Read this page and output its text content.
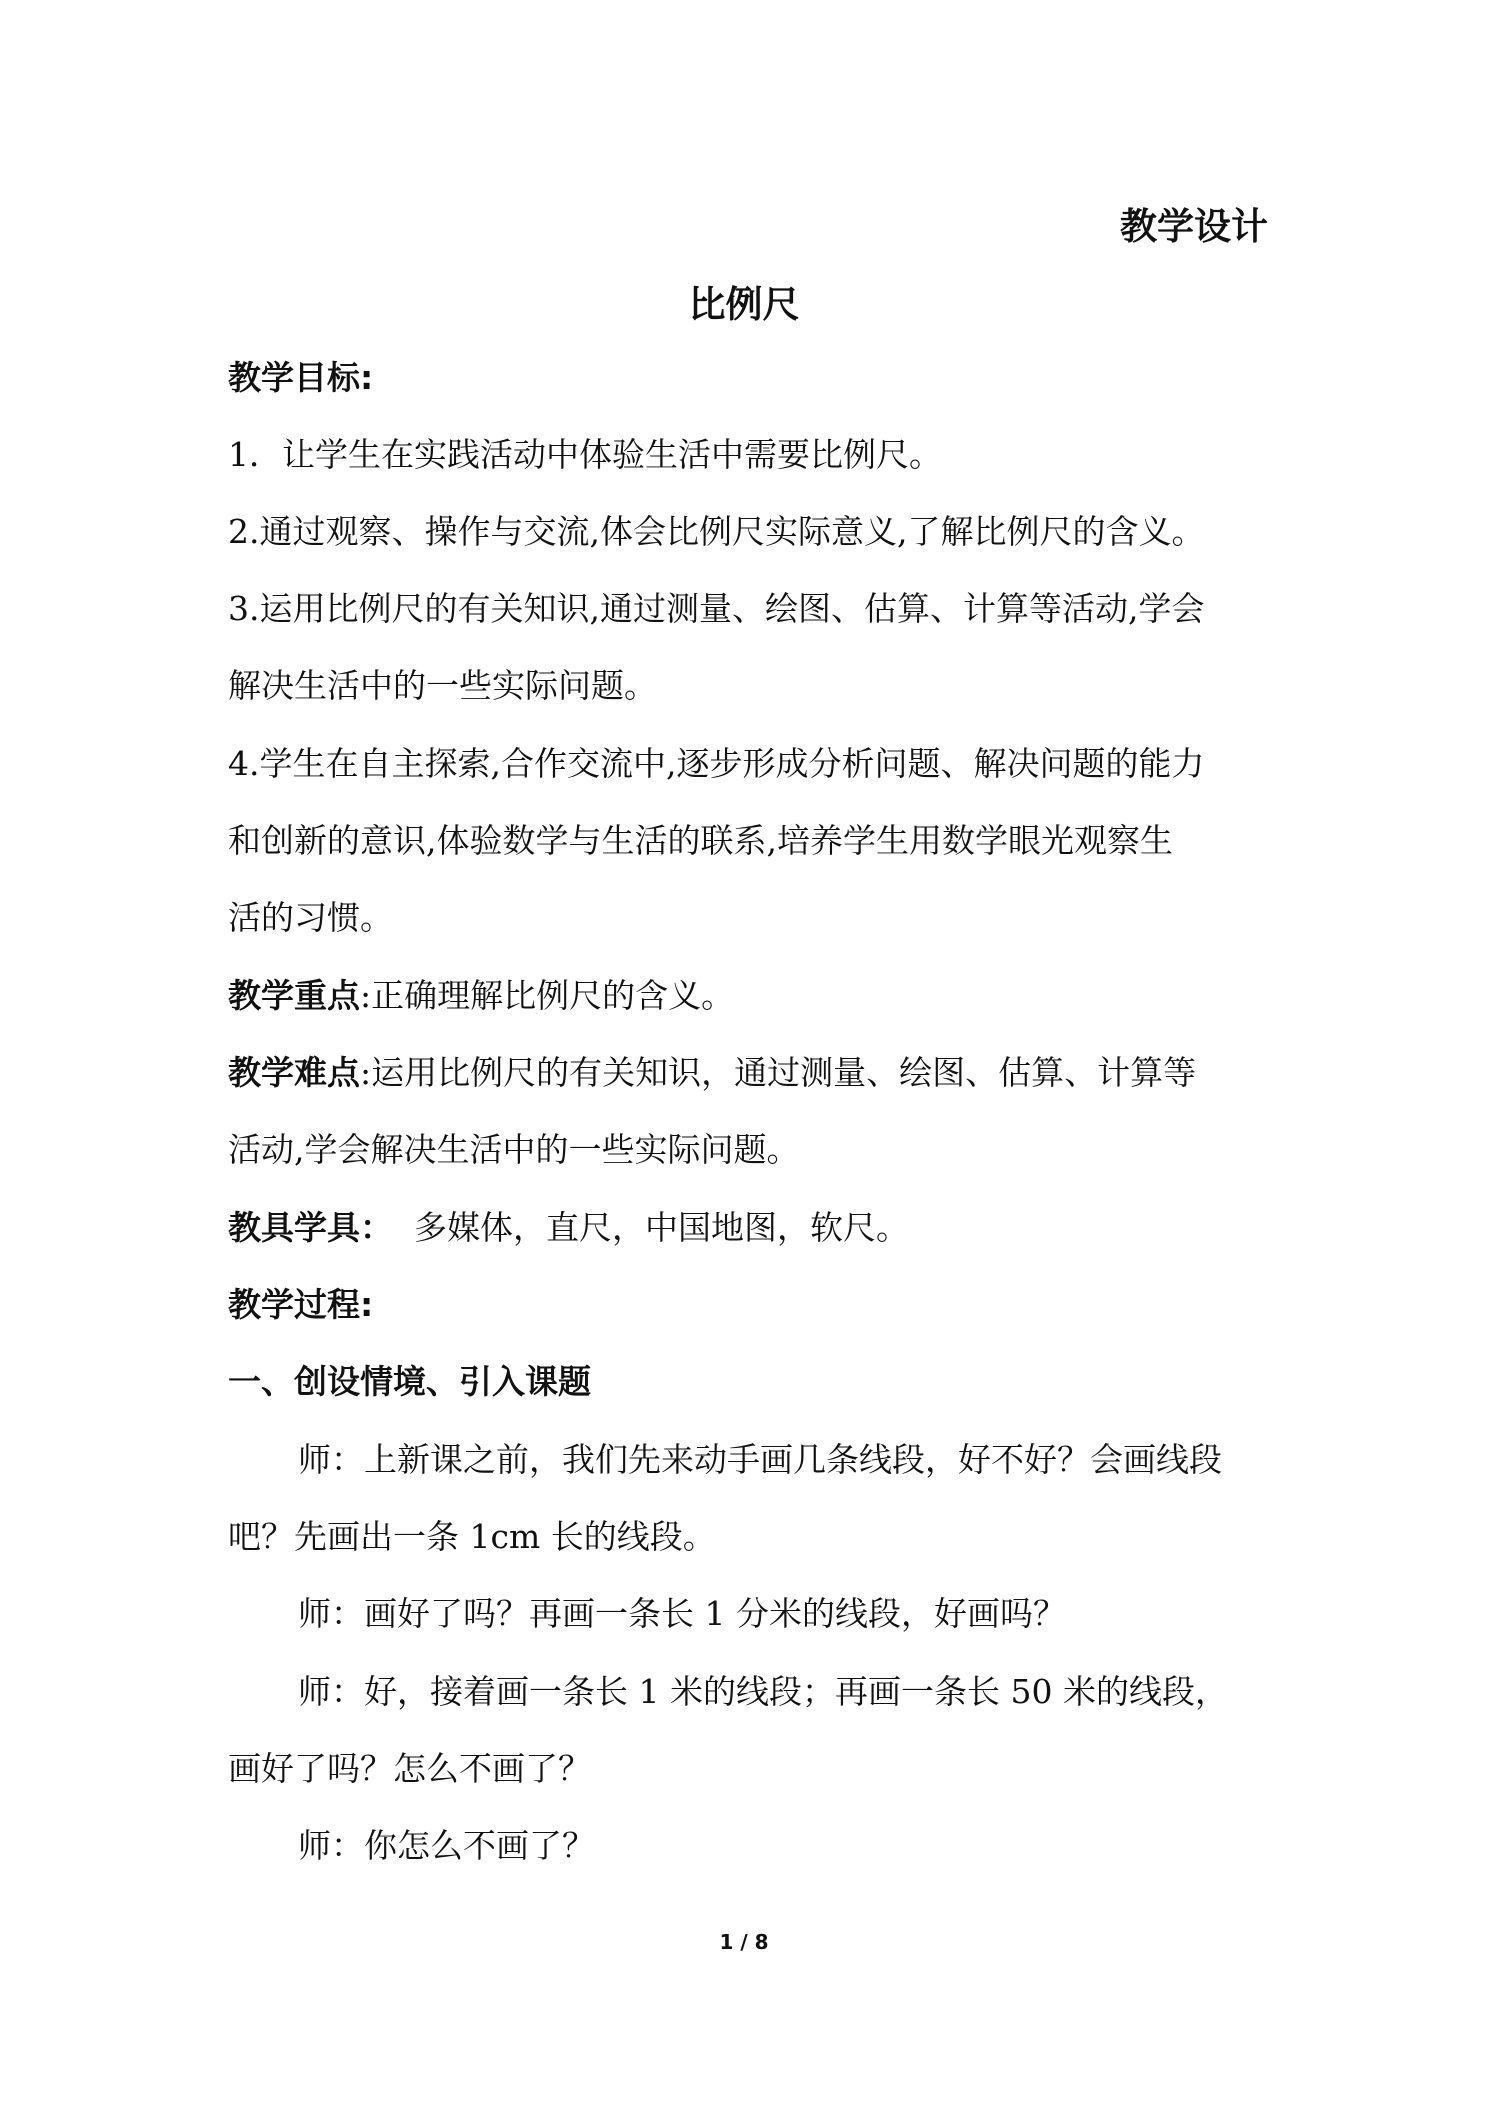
教学设计
比例尺
教学目标:
1．让学生在实践活动中体验生活中需要比例尺。
2.通过观察、操作与交流,体会比例尺实际意义,了解比例尺的含义。
3.运用比例尺的有关知识,通过测量、绘图、估算、计算等活动,学会
解决生活中的一些实际问题。
4.学生在自主探索,合作交流中,逐步形成分析问题、解决问题的能力
和创新的意识,体验数学与生活的联系,培养学生用数学眼光观察生
活的习惯。
教学重点:正确理解比例尺的含义。
教学难点:运用比例尺的有关知识，通过测量、绘图、估算、计算等
活动,学会解决生活中的一些实际问题。
教具学具：  多媒体，直尺，中国地图，软尺。
教学过程:
一、创设情境、引入课题
师：上新课之前，我们先来动手画几条线段，好不好？会画线段
吧？先画出一条 1cm 长的线段。
师：画好了吗？再画一条长 1 分米的线段，好画吗？
师：好，接着画一条长 1 米的线段；再画一条长 50 米的线段，
画好了吗？怎么不画了？
师：你怎么不画了？
1 / 8
